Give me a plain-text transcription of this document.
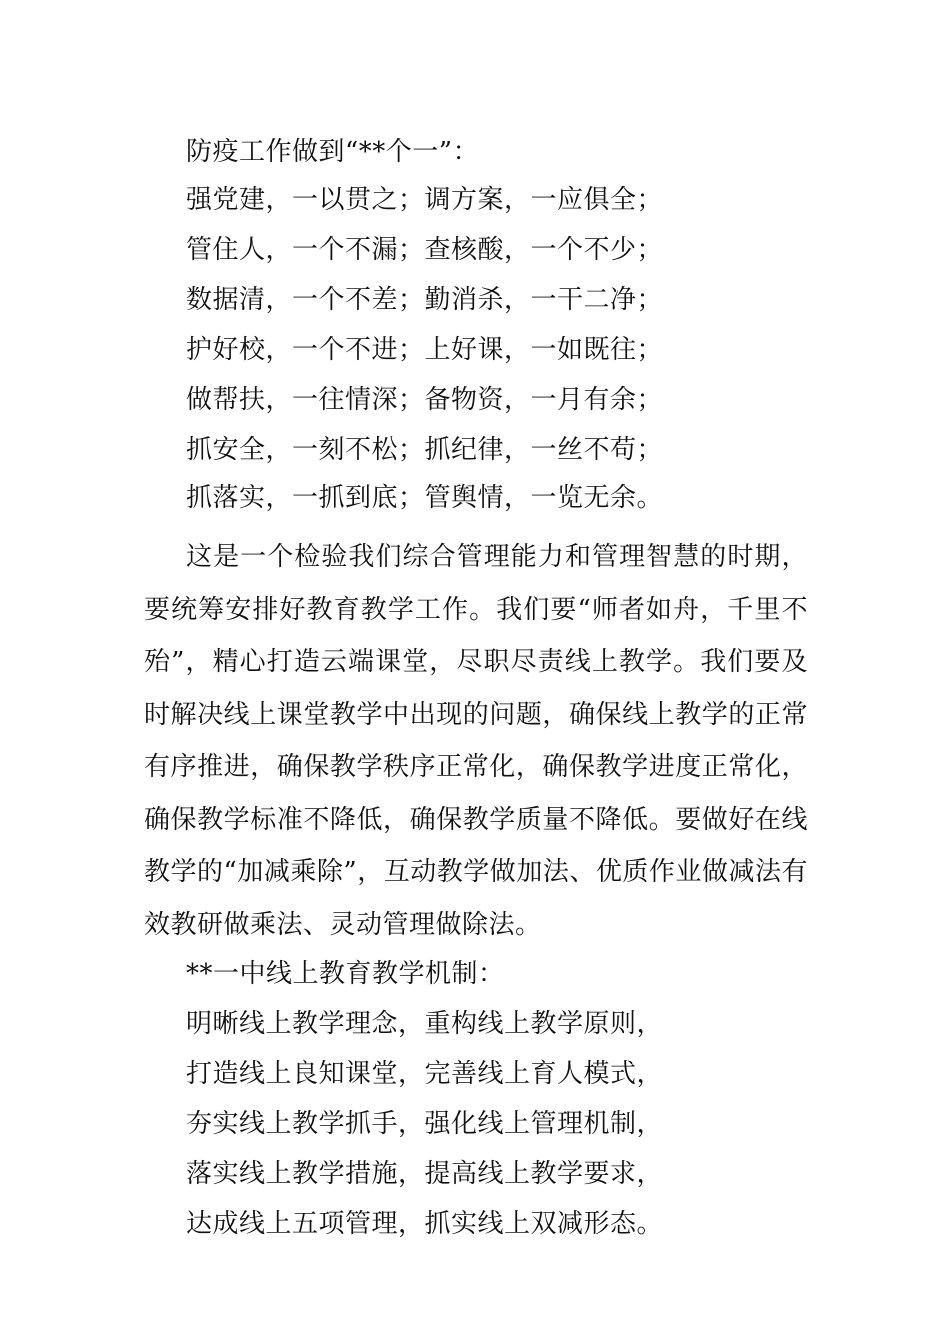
防疫工作做到“**个一”：
强党建，一以贯之；调方案，一应俱全；
管住人，一个不漏；查核酸，一个不少；
数据清，一个不差；勤消杀，一干二净；
护好校，一个不进；上好课，一如既往；
做帮扶，一往情深；备物资，一月有余；
抓安全，一刻不松；抓纪律，一丝不苟；
抓落实，一抓到底；管舆情，一览无余。

这是一个检验我们综合管理能力和管理智慧的时期，要统筹安排好教育教学工作。我们要“师者如舟，千里不殆”，精心打造云端课堂，尽职尽责线上教学。我们要及时解决线上课堂教学中出现的问题，确保线上教学的正常有序推进，确保教学秩序正常化，确保教学进度正常化，确保教学标准不降低，确保教学质量不降低。要做好在线教学的“加减乘除”，互动教学做加法、优质作业做减法有效教研做乘法、灵动管理做除法。

**一中线上教育教学机制：
明晰线上教学理念，重构线上教学原则，
打造线上良知课堂，完善线上育人模式，
夯实线上教学抓手，强化线上管理机制，
落实线上教学措施，提高线上教学要求，
达成线上五项管理，抓实线上双减形态。
